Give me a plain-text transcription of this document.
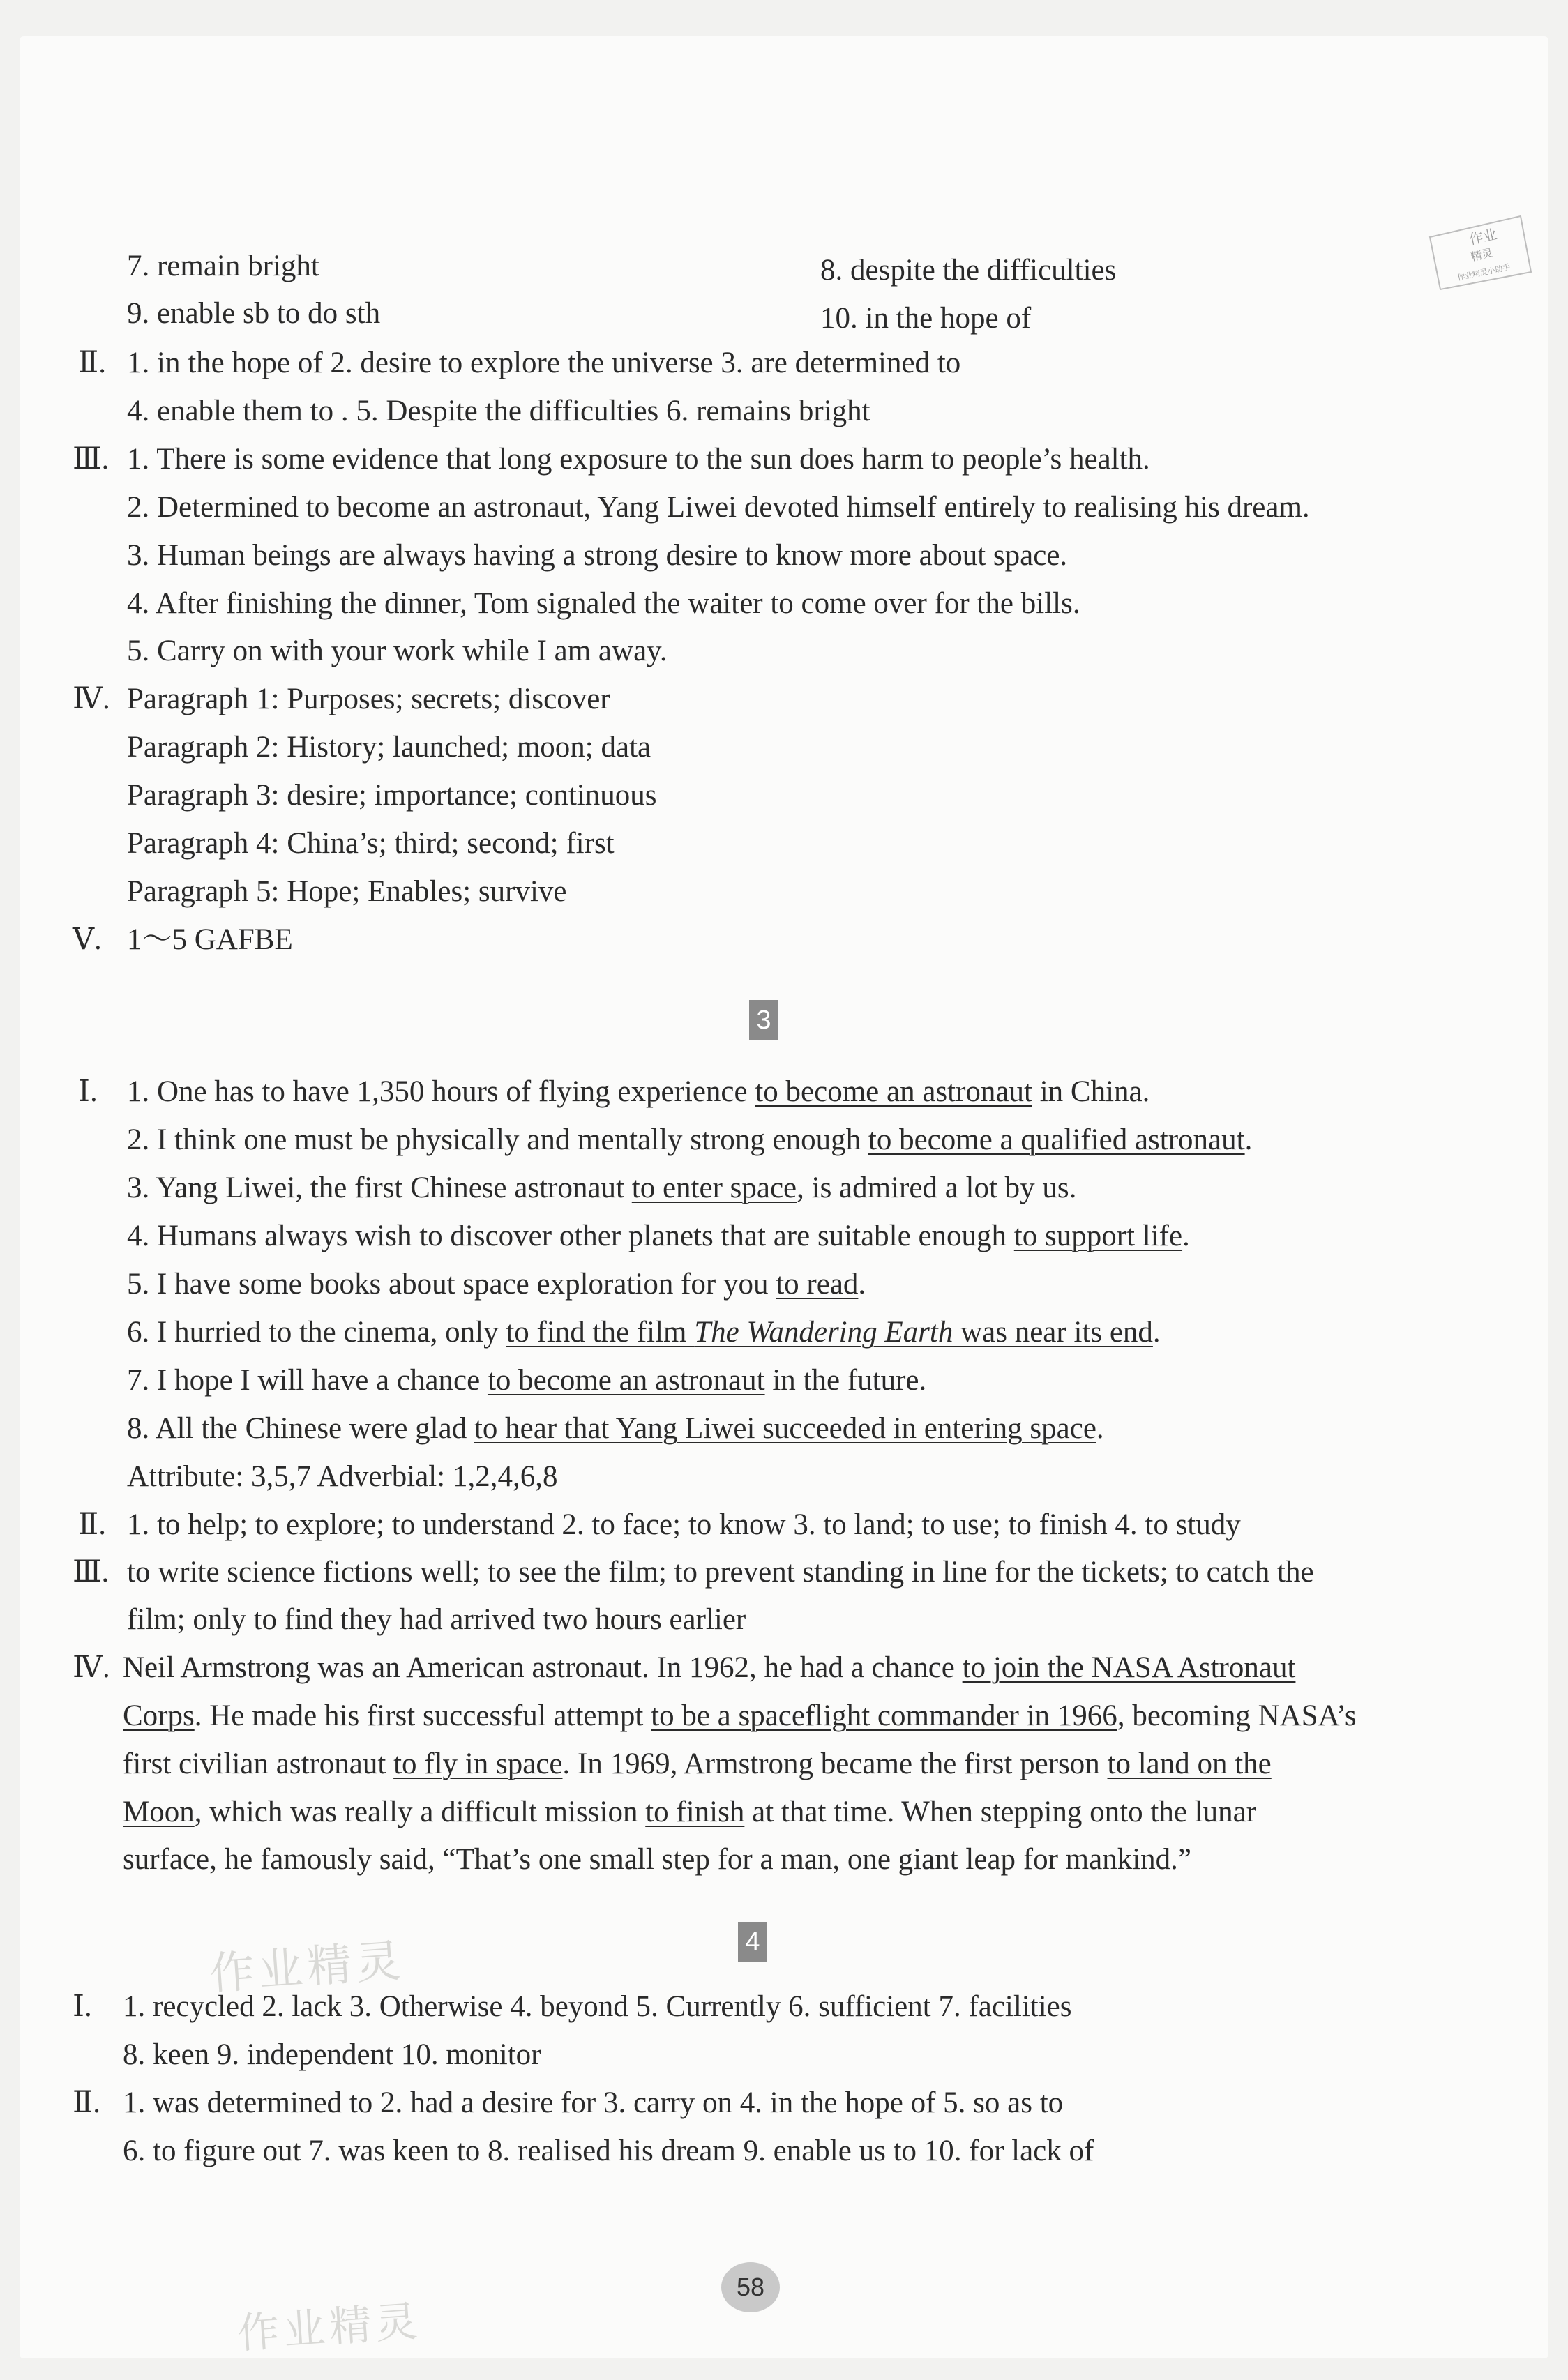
作业
精灵
作业精灵小助手
7. remain bright	8. despite the difficulties
9. enable sb to do sth	10. in the hope of
Ⅱ. 1. in the hope of 2. desire to explore the universe 3. are determined to
4. enable them to . 5. Despite the difficulties 6. remains bright
Ⅲ. 1. There is some evidence that long exposure to the sun does harm to people’s health.
2. Determined to become an astronaut, Yang Liwei devoted himself entirely to realising his dream.
3. Human beings are always having a strong desire to know more about space.
4. After finishing the dinner, Tom signaled the waiter to come over for the bills.
5. Carry on with your work while I am away.
Ⅳ. Paragraph 1: Purposes; secrets; discover
Paragraph 2: History; launched; moon; data
Paragraph 3: desire; importance; continuous
Paragraph 4: China’s; third; second; first
Paragraph 5: Hope; Enables; survive
Ⅴ. 1～5 GAFBE
3
Ⅰ. 1. One has to have 1,350 hours of flying experience to become an astronaut in China.
2. I think one must be physically and mentally strong enough to become a qualified astronaut.
3. Yang Liwei, the first Chinese astronaut to enter space, is admired a lot by us.
4. Humans always wish to discover other planets that are suitable enough to support life.
5. I have some books about space exploration for you to read.
6. I hurried to the cinema, only to find the film The Wandering Earth was near its end.
7. I hope I will have a chance to become an astronaut in the future.
8. All the Chinese were glad to hear that Yang Liwei succeeded in entering space.
Attribute: 3,5,7 Adverbial: 1,2,4,6,8
Ⅱ. 1. to help; to explore; to understand 2. to face; to know 3. to land; to use; to finish 4. to study
Ⅲ. to write science fictions well; to see the film; to prevent standing in line for the tickets; to catch the
film; only to find they had arrived two hours earlier
Ⅳ. Neil Armstrong was an American astronaut. In 1962, he had a chance to join the NASA Astronaut
Corps. He made his first successful attempt to be a spaceflight commander in 1966, becoming NASA’s
first civilian astronaut to fly in space. In 1969, Armstrong became the first person to land on the
Moon, which was really a difficult mission to finish at that time. When stepping onto the lunar
surface, he famously said, “That’s one small step for a man, one giant leap for mankind.”
4
作业精灵
Ⅰ. 1. recycled 2. lack 3. Otherwise 4. beyond 5. Currently 6. sufficient 7. facilities
8. keen 9. independent 10. monitor
Ⅱ. 1. was determined to 2. had a desire for 3. carry on 4. in the hope of 5. so as to
6. to figure out 7. was keen to 8. realised his dream 9. enable us to 10. for lack of
58
作业精灵
